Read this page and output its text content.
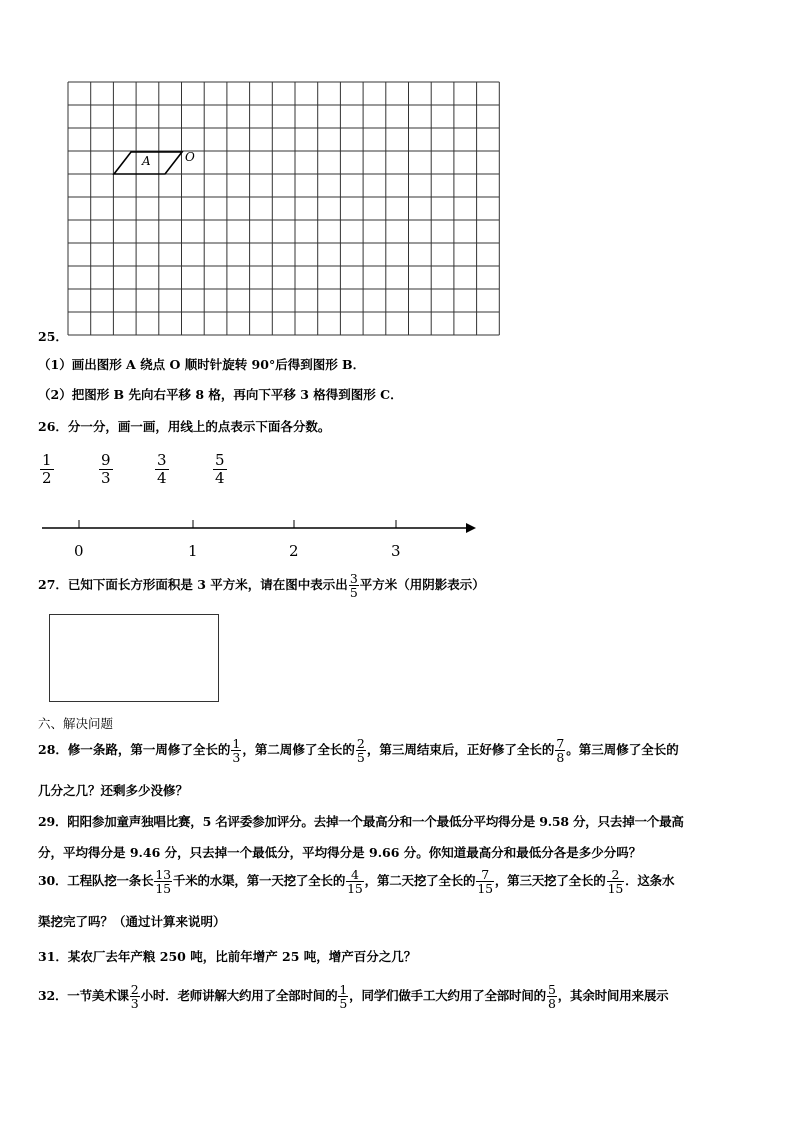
A	O
25．
（1）画出图形 A 绕点 O 顺时针旋转 90°后得到图形 B．
（2）把图形 B 先向右平移 8 格，再向下平移 3 格得到图形 C．
26．分一分，画一画，用线上的点表示下面各分数。
$\frac{1}{2}$	$\frac{9}{3}$	$\frac{3}{4}$	$\frac{5}{4}$
0	1	2	3
27．已知下面长方形面积是 3 平方米，请在图中表示出 $\frac{3}{5}$ 平方米（用阴影表示）
六、解决问题
28．修一条路，第一周修了全长的 $\frac{1}{3}$ ，第二周修了全长的 $\frac{2}{5}$ ，第三周结束后，正好修了全长的 $\frac{7}{8}$ 。第三周修了全长的
几分之几？还剩多少没修？
29．阳阳参加童声独唱比赛，5 名评委参加评分。去掉一个最高分和一个最低分平均得分是 9.58 分，只去掉一个最高
分，平均得分是 9.46 分，只去掉一个最低分，平均得分是 9.66 分。你知道最高分和最低分各是多少分吗？
30．工程队挖一条长 $\frac{13}{15}$ 千米的水渠，第一天挖了全长的 $\frac{4}{15}$ ，第二天挖了全长的 $\frac{7}{15}$ ，第三天挖了全长的 $\frac{2}{15}$ ．这条水
渠挖完了吗？（通过计算来说明）
31．某农厂去年产粮 250 吨，比前年增产 25 吨，增产百分之几？
32．一节美术课 $\frac{2}{3}$ 小时．老师讲解大约用了全部时间的 $\frac{1}{5}$ ，同学们做手工大约用了全部时间的 $\frac{5}{8}$ ，其余时间用来展示
